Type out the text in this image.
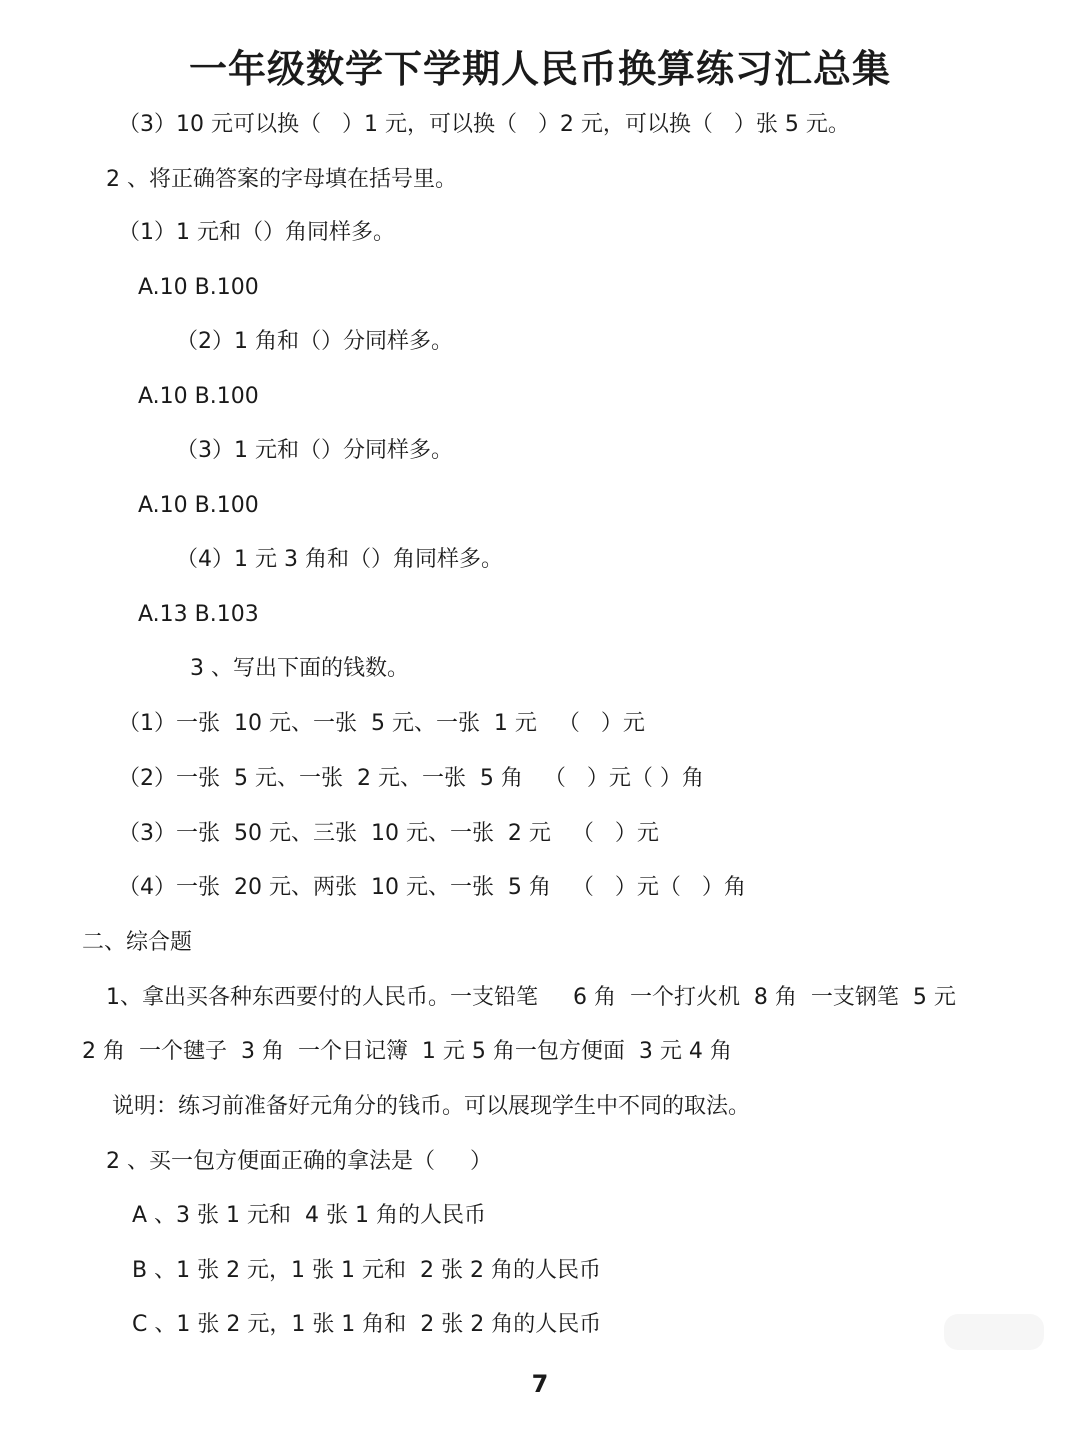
一年级数学下学期人民币换算练习汇总集
（3）10 元可以换（   ）1 元，可以换（   ）2 元，可以换（   ）张 5 元。
2 、将正确答案的字母填在括号里。
（1）1 元和（）角同样多。
A.10 B.100
（2）1 角和（）分同样多。
A.10 B.100
（3）1 元和（）分同样多。
A.10 B.100
（4）1 元 3 角和（）角同样多。
A.13 B.103
3 、写出下面的钱数。
（1）一张  10 元、一张  5 元、一张  1 元   （   ）元
（2）一张  5 元、一张  2 元、一张  5 角   （   ）元（ ）角
（3）一张  50 元、三张  10 元、一张  2 元   （   ）元
（4）一张  20 元、两张  10 元、一张  5 角   （   ）元（   ）角
二、综合题
1、拿出买各种东西要付的人民币。一支铅笔     6 角  一个打火机  8 角  一支钢笔  5 元
2 角  一个毽子  3 角  一个日记簿  1 元 5 角一包方便面  3 元 4 角
说明：练习前准备好元角分的钱币。可以展现学生中不同的取法。
2 、买一包方便面正确的拿法是（     ）
A 、3 张 1 元和  4 张 1 角的人民币
B 、1 张 2 元，1 张 1 元和  2 张 2 角的人民币
C 、1 张 2 元，1 张 1 角和  2 张 2 角的人民币
7
